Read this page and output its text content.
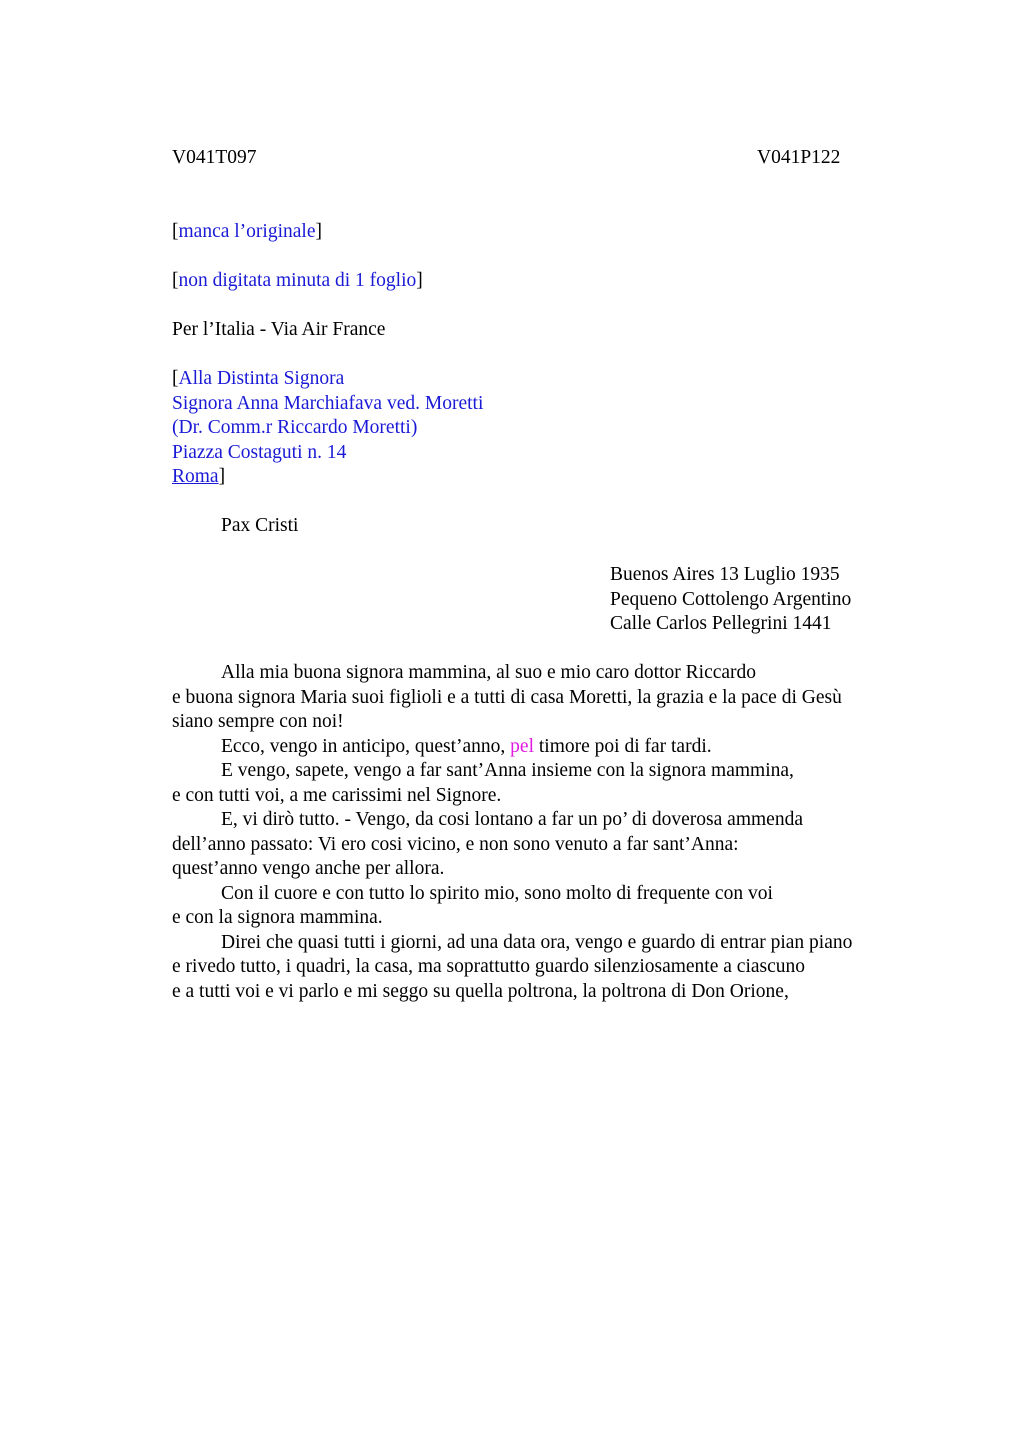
V041T097	V041P122
[manca l’originale]
[non digitata minuta di 1 foglio]
Per l’Italia - Via Air France
[Alla Distinta Signora
Signora Anna Marchiafava ved. Moretti
(Dr. Comm.r Riccardo Moretti)
Piazza Costaguti n. 14
Roma]
Pax Cristi
Buenos Aires 13 Luglio 1935
Pequeno Cottolengo Argentino
Calle Carlos Pellegrini 1441
Alla mia buona signora mammina, al suo e mio caro dottor Riccardo
e buona signora Maria suoi figlioli e a tutti di casa Moretti, la grazia e la pace di Gesù
siano sempre con noi!
Ecco, vengo in anticipo, quest’anno, pel timore poi di far tardi.
E vengo, sapete, vengo a far sant’Anna insieme con la signora mammina,
e con tutti voi, a me carissimi nel Signore.
E, vi dirò tutto. - Vengo, da cosi lontano a far un po’ di doverosa ammenda
dell’anno passato: Vi ero cosi vicino, e non sono venuto a far sant’Anna:
quest’anno vengo anche per allora.
Con il cuore e con tutto lo spirito mio, sono molto di frequente con voi
e con la signora mammina.
Direi che quasi tutti i giorni, ad una data ora, vengo e guardo di entrar pian piano
e rivedo tutto, i quadri, la casa, ma soprattutto guardo silenziosamente a ciascuno
e a tutti voi e vi parlo e mi seggo su quella poltrona, la poltrona di Don Orione,
